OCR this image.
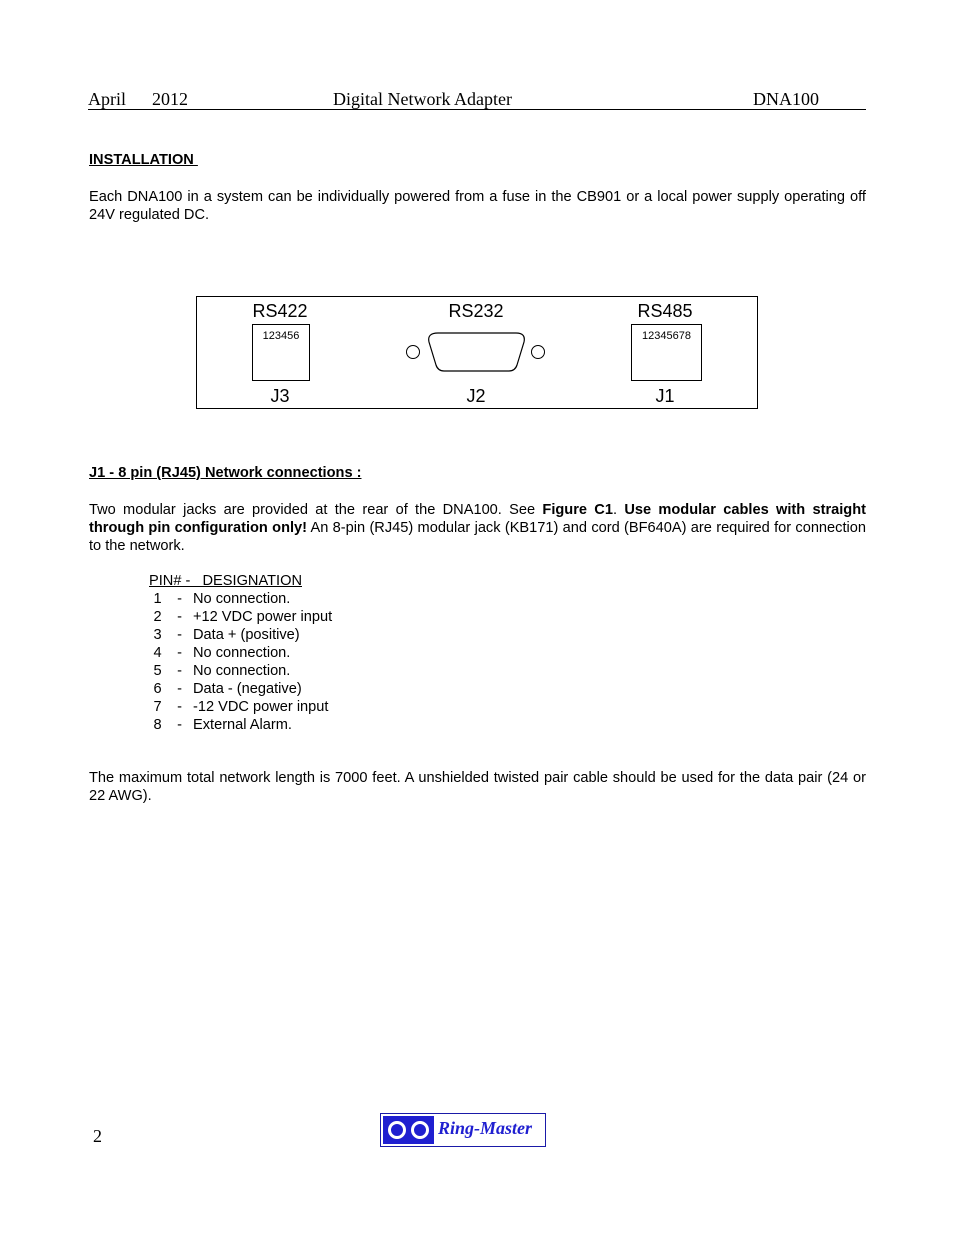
April 2012	Digital Network Adapter	DNA100
INSTALLATION
Each DNA100 in a system can be individually powered from a fuse in the CB901 or a local power supply operating off 24V regulated DC.
RS422
123456
J3
RS232
J2
RS485
12345678
J1
J1 - 8 pin (RJ45) Network connections :
Two modular jacks are provided at the rear of the DNA100. See Figure C1. Use modular cables with straight through pin configuration only! An 8-pin (RJ45) modular jack (KB171) and cord (BF640A) are required for connection to the network.
PIN# -   DESIGNATION
1 - No connection.
2 - +12 VDC power input
3 - Data + (positive)
4 - No connection.
5 - No connection.
6 - Data - (negative)
7 - -12 VDC power input
8 - External Alarm.
The maximum total network length is 7000 feet. A unshielded twisted pair cable should be used for the data pair (24 or 22 AWG).
2	Ring-Master
